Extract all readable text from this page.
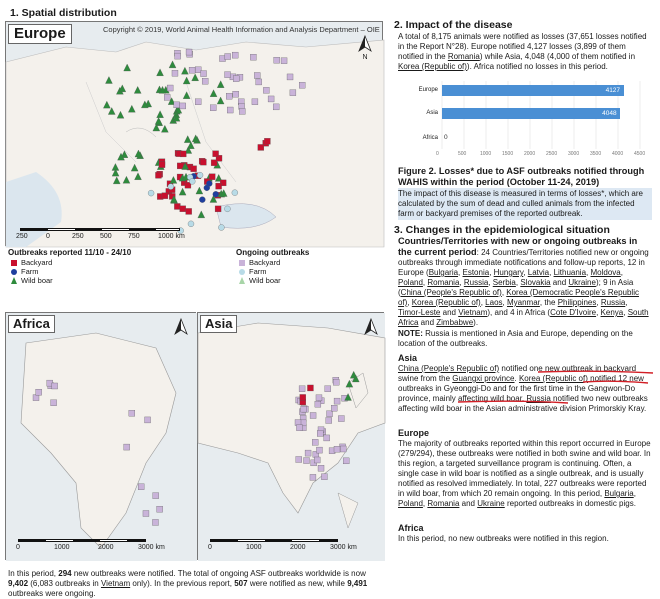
1. Spatial distribution
Europe	Copyright © 2019, World Animal Health Information and Analysis Department – OIE
N
250	0	250 500 750	1000 km
Outbreaks reported 11/10 - 24/10
Backyard
Farm
Wild boar
Ongoing outbreaks
Backyard
Farm
Wild boar
Africa
0	1000	2000	3000 km
Asia
0	1000	2000	3000 km
In this period, 294 new outbreaks were notified. The total of ongoing ASF outbreaks worldwide is now 9,402 (6,083 outbreaks in Vietnam only). In the previous report, 507 were notified as new, while 9,491 outbreaks were ongoing.
2. Impact of the disease
A total of 8,175 animals were notified as losses (37,651 losses notified in the Report N°28). Europe notified 4,127 losses (3,899 of them notified in the Romania) while Asia, 4,048 (4,000 of them notified in Korea (Republic of)). Africa notified no losses in this period.
Europe
Asia
Africa
4127
4048
0
0	500	1000 1500 2000 2500 3000 3500 4000 4500
Figure 2. Losses* due to ASF outbreaks notified through WAHIS within the period (October 11-24, 2019)
The impact of this disease is measured in terms of losses*, which are calculated by the sum of dead and culled animals from the infected farm or backyard premises of the reported outbreak.
3. Changes in the epidemiological situation
Countries/Territories with new or ongoing outbreaks in the current period: 24 Countries/Territories notified new or ongoing outbreaks through immediate notifications and follow-up reports, 12 in Europe (Bulgaria, Estonia, Hungary, Latvia, Lithuania, Moldova, Poland, Romania, Russia, Serbia, Slovakia and Ukraine); 9 in Asia (China (People's Republic of), Korea (Democratic People's Republic of), Korea (Republic of), Laos, Myanmar, the Philippines, Russia, Timor-Leste and Vietnam), and 4 in Africa (Cote D'Ivoire, Kenya, South Africa and Zimbabwe).
NOTE: Russia is mentioned in Asia and Europe, depending on the location of the outbreaks.
Asia
China (People's Republic of) notified one new outbreak in backyard swine from the Guangxi province. Korea (Republic of) notified 12 new outbreaks in Gyeonggi-Do and for the first time in the Gangwon-Do province, mainly affecting wild boar. Russia notified two new outbreaks affecting wild boar in the Asian administrative division Primorskiy Kray.
Europe
The majority of outbreaks reported within this report occurred in Europe (279/294), these outbreaks were notified in both swine and wild boar. In this region, a targeted surveillance program is continuing. Often, a single case in wild boar is notified as a single outbreak, and is usually notified as resolved immediately. In total, 227 outbreaks were reported in wild boar, from which 20 remain ongoing. In this period, Bulgaria, Poland, Romania and Ukraine reported outbreaks in domestic pigs.
Africa
In this period, no new outbreaks were notified in this region.
